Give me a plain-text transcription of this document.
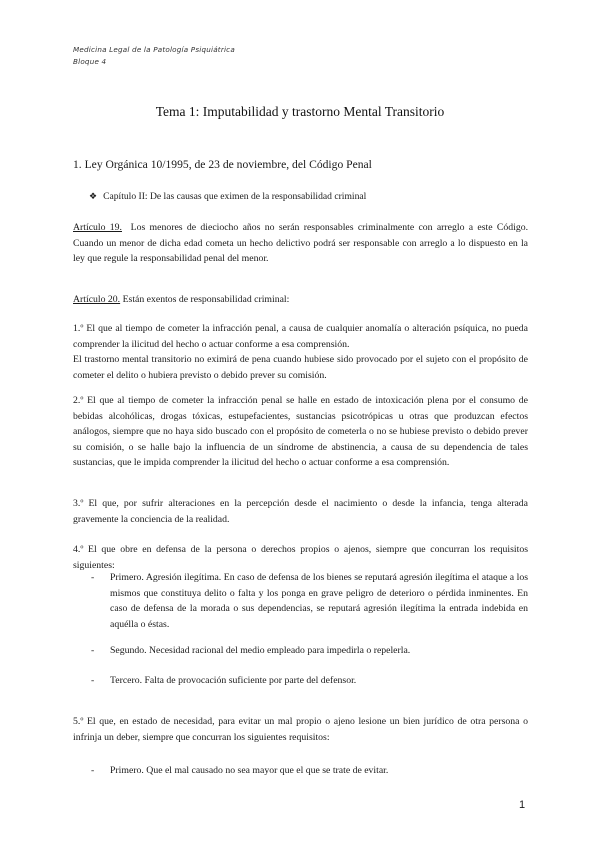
Medicina Legal de la Patología Psiquiátrica
Bloque 4
Tema 1: Imputabilidad y trastorno Mental Transitorio
1. Ley Orgánica 10/1995, de 23 de noviembre, del Código Penal
❖ Capítulo II: De las causas que eximen de la responsabilidad criminal

Artículo 19. Los menores de dieciocho años no serán responsables criminalmente con arreglo a este Código. Cuando un menor de dicha edad cometa un hecho delictivo podrá ser responsable con arreglo a lo dispuesto en la ley que regule la responsabilidad penal del menor.

Artículo 20. Están exentos de responsabilidad criminal:

1.º El que al tiempo de cometer la infracción penal, a causa de cualquier anomalía o alteración psíquica, no pueda comprender la ilicitud del hecho o actuar conforme a esa comprensión.

El trastorno mental transitorio no eximirá de pena cuando hubiese sido provocado por el sujeto con el propósito de cometer el delito o hubiera previsto o debido prever su comisión.

2.º El que al tiempo de cometer la infracción penal se halle en estado de intoxicación plena por el consumo de bebidas alcohólicas, drogas tóxicas, estupefacientes, sustancias psicotrópicas u otras que produzcan efectos análogos, siempre que no haya sido buscado con el propósito de cometerla o no se hubiese previsto o debido prever su comisión, o se halle bajo la influencia de un síndrome de abstinencia, a causa de su dependencia de tales sustancias, que le impida comprender la ilicitud del hecho o actuar conforme a esa comprensión.

3.º El que, por sufrir alteraciones en la percepción desde el nacimiento o desde la infancia, tenga alterada gravemente la conciencia de la realidad.

4.º El que obre en defensa de la persona o derechos propios o ajenos, siempre que concurran los requisitos siguientes:

- Primero. Agresión ilegítima. En caso de defensa de los bienes se reputará agresión ilegítima el ataque a los mismos que constituya delito o falta y los ponga en grave peligro de deterioro o pérdida inminentes. En caso de defensa de la morada o sus dependencias, se reputará agresión ilegítima la entrada indebida en aquélla o éstas.
- Segundo. Necesidad racional del medio empleado para impedirla o repelerla.
- Tercero. Falta de provocación suficiente por parte del defensor.

5.º El que, en estado de necesidad, para evitar un mal propio o ajeno lesione un bien jurídico de otra persona o infrinja un deber, siempre que concurran los siguientes requisitos:

- Primero. Que el mal causado no sea mayor que el que se trate de evitar.
1
